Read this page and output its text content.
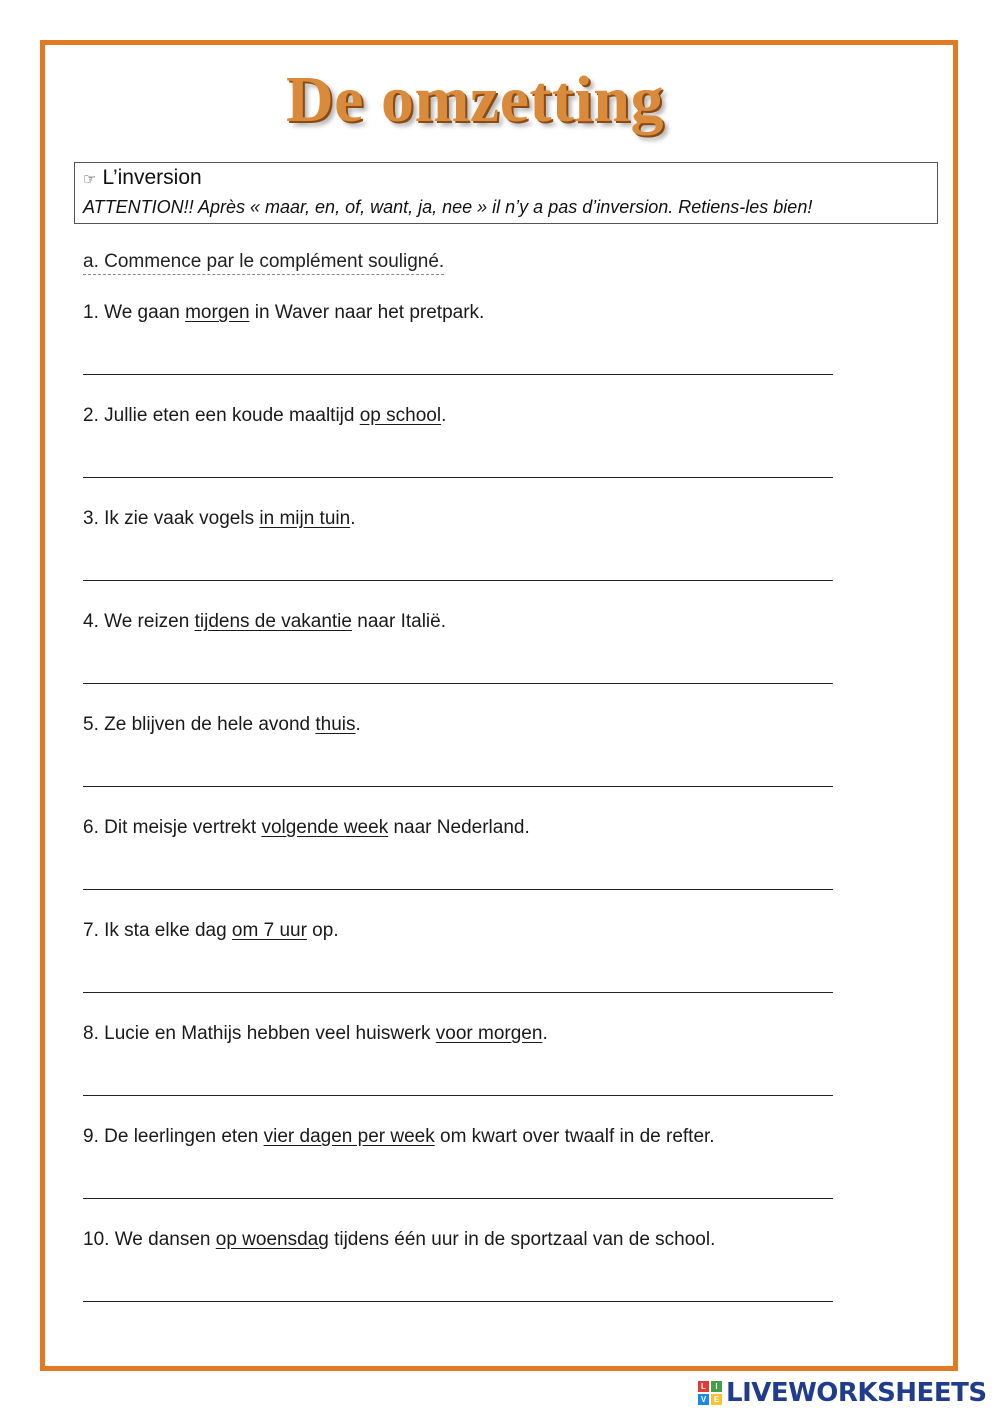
De omzetting
☞ L’inversion
ATTENTION!! Après « maar, en, of, want, ja, nee » il n’y a pas d’inversion. Retiens-les bien!
a. Commence par le complément souligné.
1. We gaan morgen in Waver naar het pretpark.
2. Jullie eten een koude maaltijd op school.
3. Ik zie vaak vogels in mijn tuin.
4. We reizen tijdens de vakantie naar Italië.
5. Ze blijven de hele avond thuis.
6. Dit meisje vertrekt volgende week naar Nederland.
7. Ik sta elke dag om 7 uur op.
8. Lucie en Mathijs hebben veel huiswerk voor morgen.
9. De leerlingen eten vier dagen per week om kwart over twaalf in de refter.
10. We dansen op woensdag tijdens één uur in de sportzaal van de school.
L	I
V E LIVEWORKSHEETS
